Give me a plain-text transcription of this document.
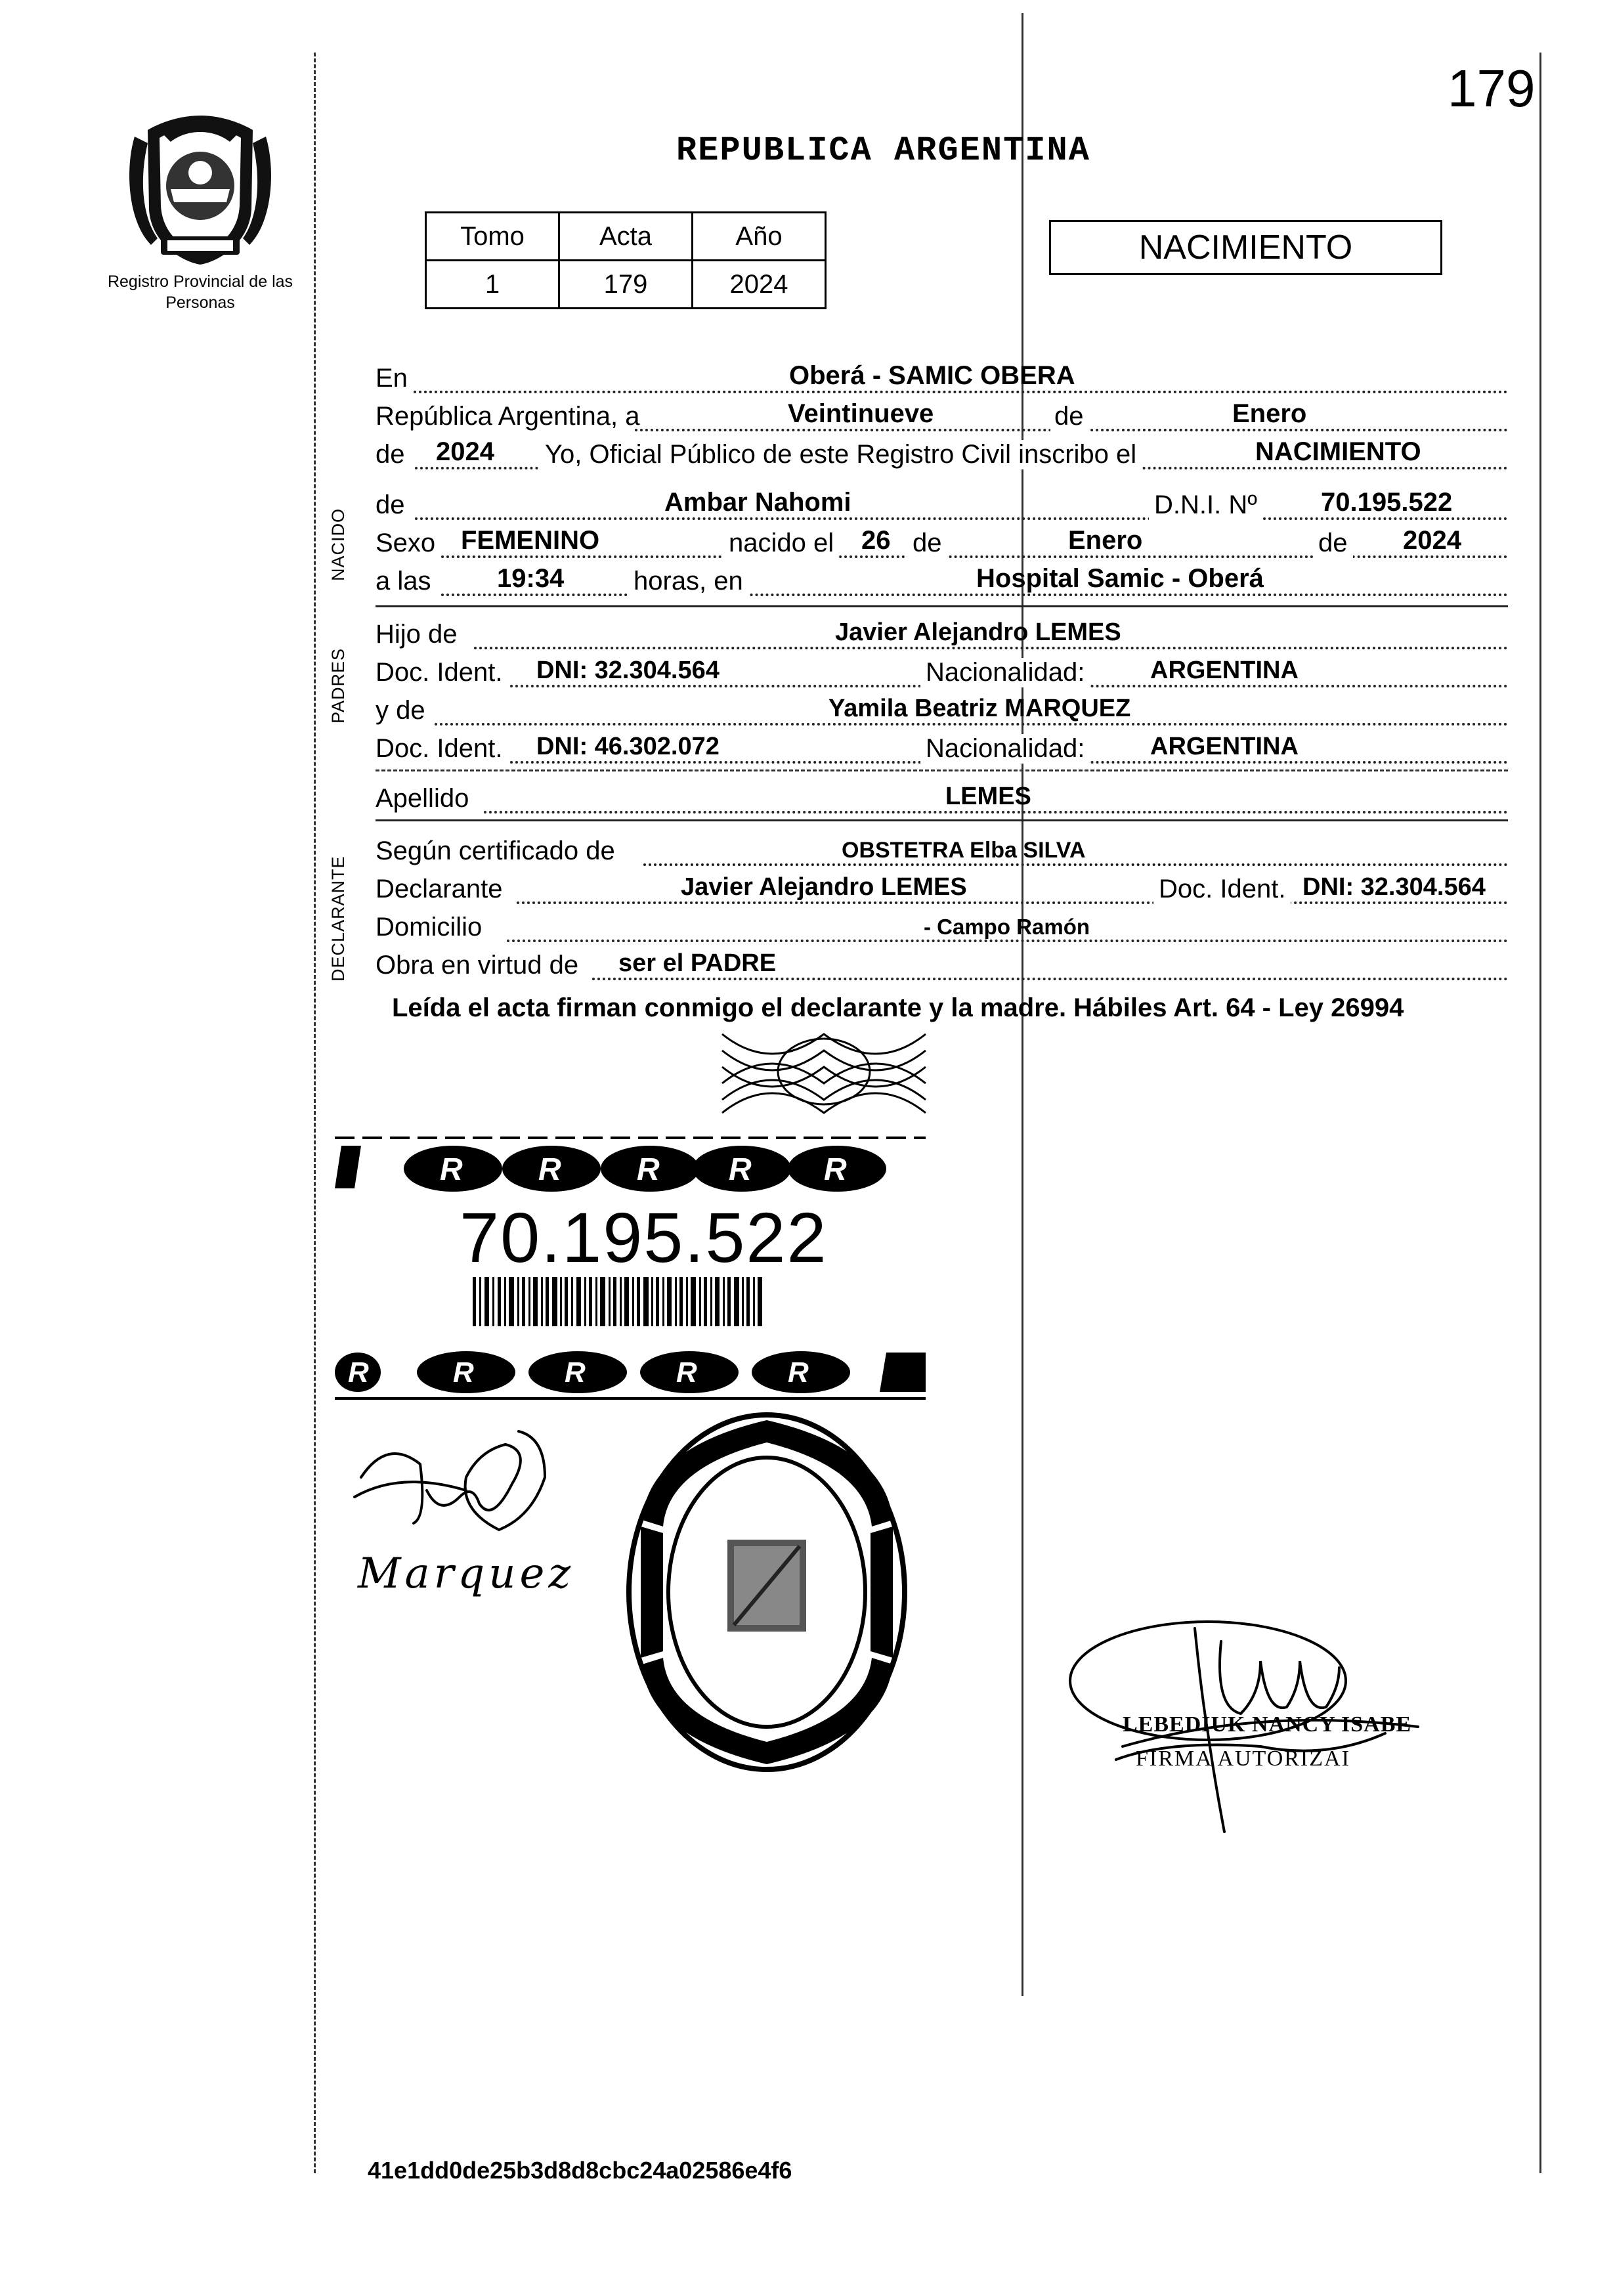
179
Registro Provincial de las Personas
REPUBLICA ARGENTINA
Tomo	Acta	Año
1	179	2024
NACIMIENTO
NACIDO
PADRES
DECLARANTE
En	Oberá - SAMIC OBERA
República Argentina, a	Veintinueve	de	Enero
de 2024 Yo, Oficial Público de este Registro Civil inscribo el	NACIMIENTO
de	Ambar Nahomi	D.N.I. Nº 70.195.522
Sexo FEMENINO	nacido el 26 de	Enero	de 2024
a las	19:34	horas, en	Hospital Samic - Oberá
Hijo de	Javier Alejandro LEMES
Doc. Ident. DNI: 32.304.564	Nacionalidad:	ARGENTINA
y de	Yamila Beatriz MARQUEZ
Doc. Ident. DNI: 46.302.072	Nacionalidad:	ARGENTINA
Apellido	LEMES
Según certificado de	OBSTETRA Elba SILVA
Declarante	Javier Alejandro LEMES	Doc. Ident. DNI: 32.304.564
Domicilio	- Campo Ramón
Obra en virtud de ser el PADRE
Leída el acta firman conmigo el declarante y la madre. Hábiles Art. 64 - Ley 26994
R R R R R
70.195.522
R	R	R	R	R
Marquez
LEBEDIUK NANCY ISABE
FIRMA AUTORIZAI
41e1dd0de25b3d8d8cbc24a02586e4f6
